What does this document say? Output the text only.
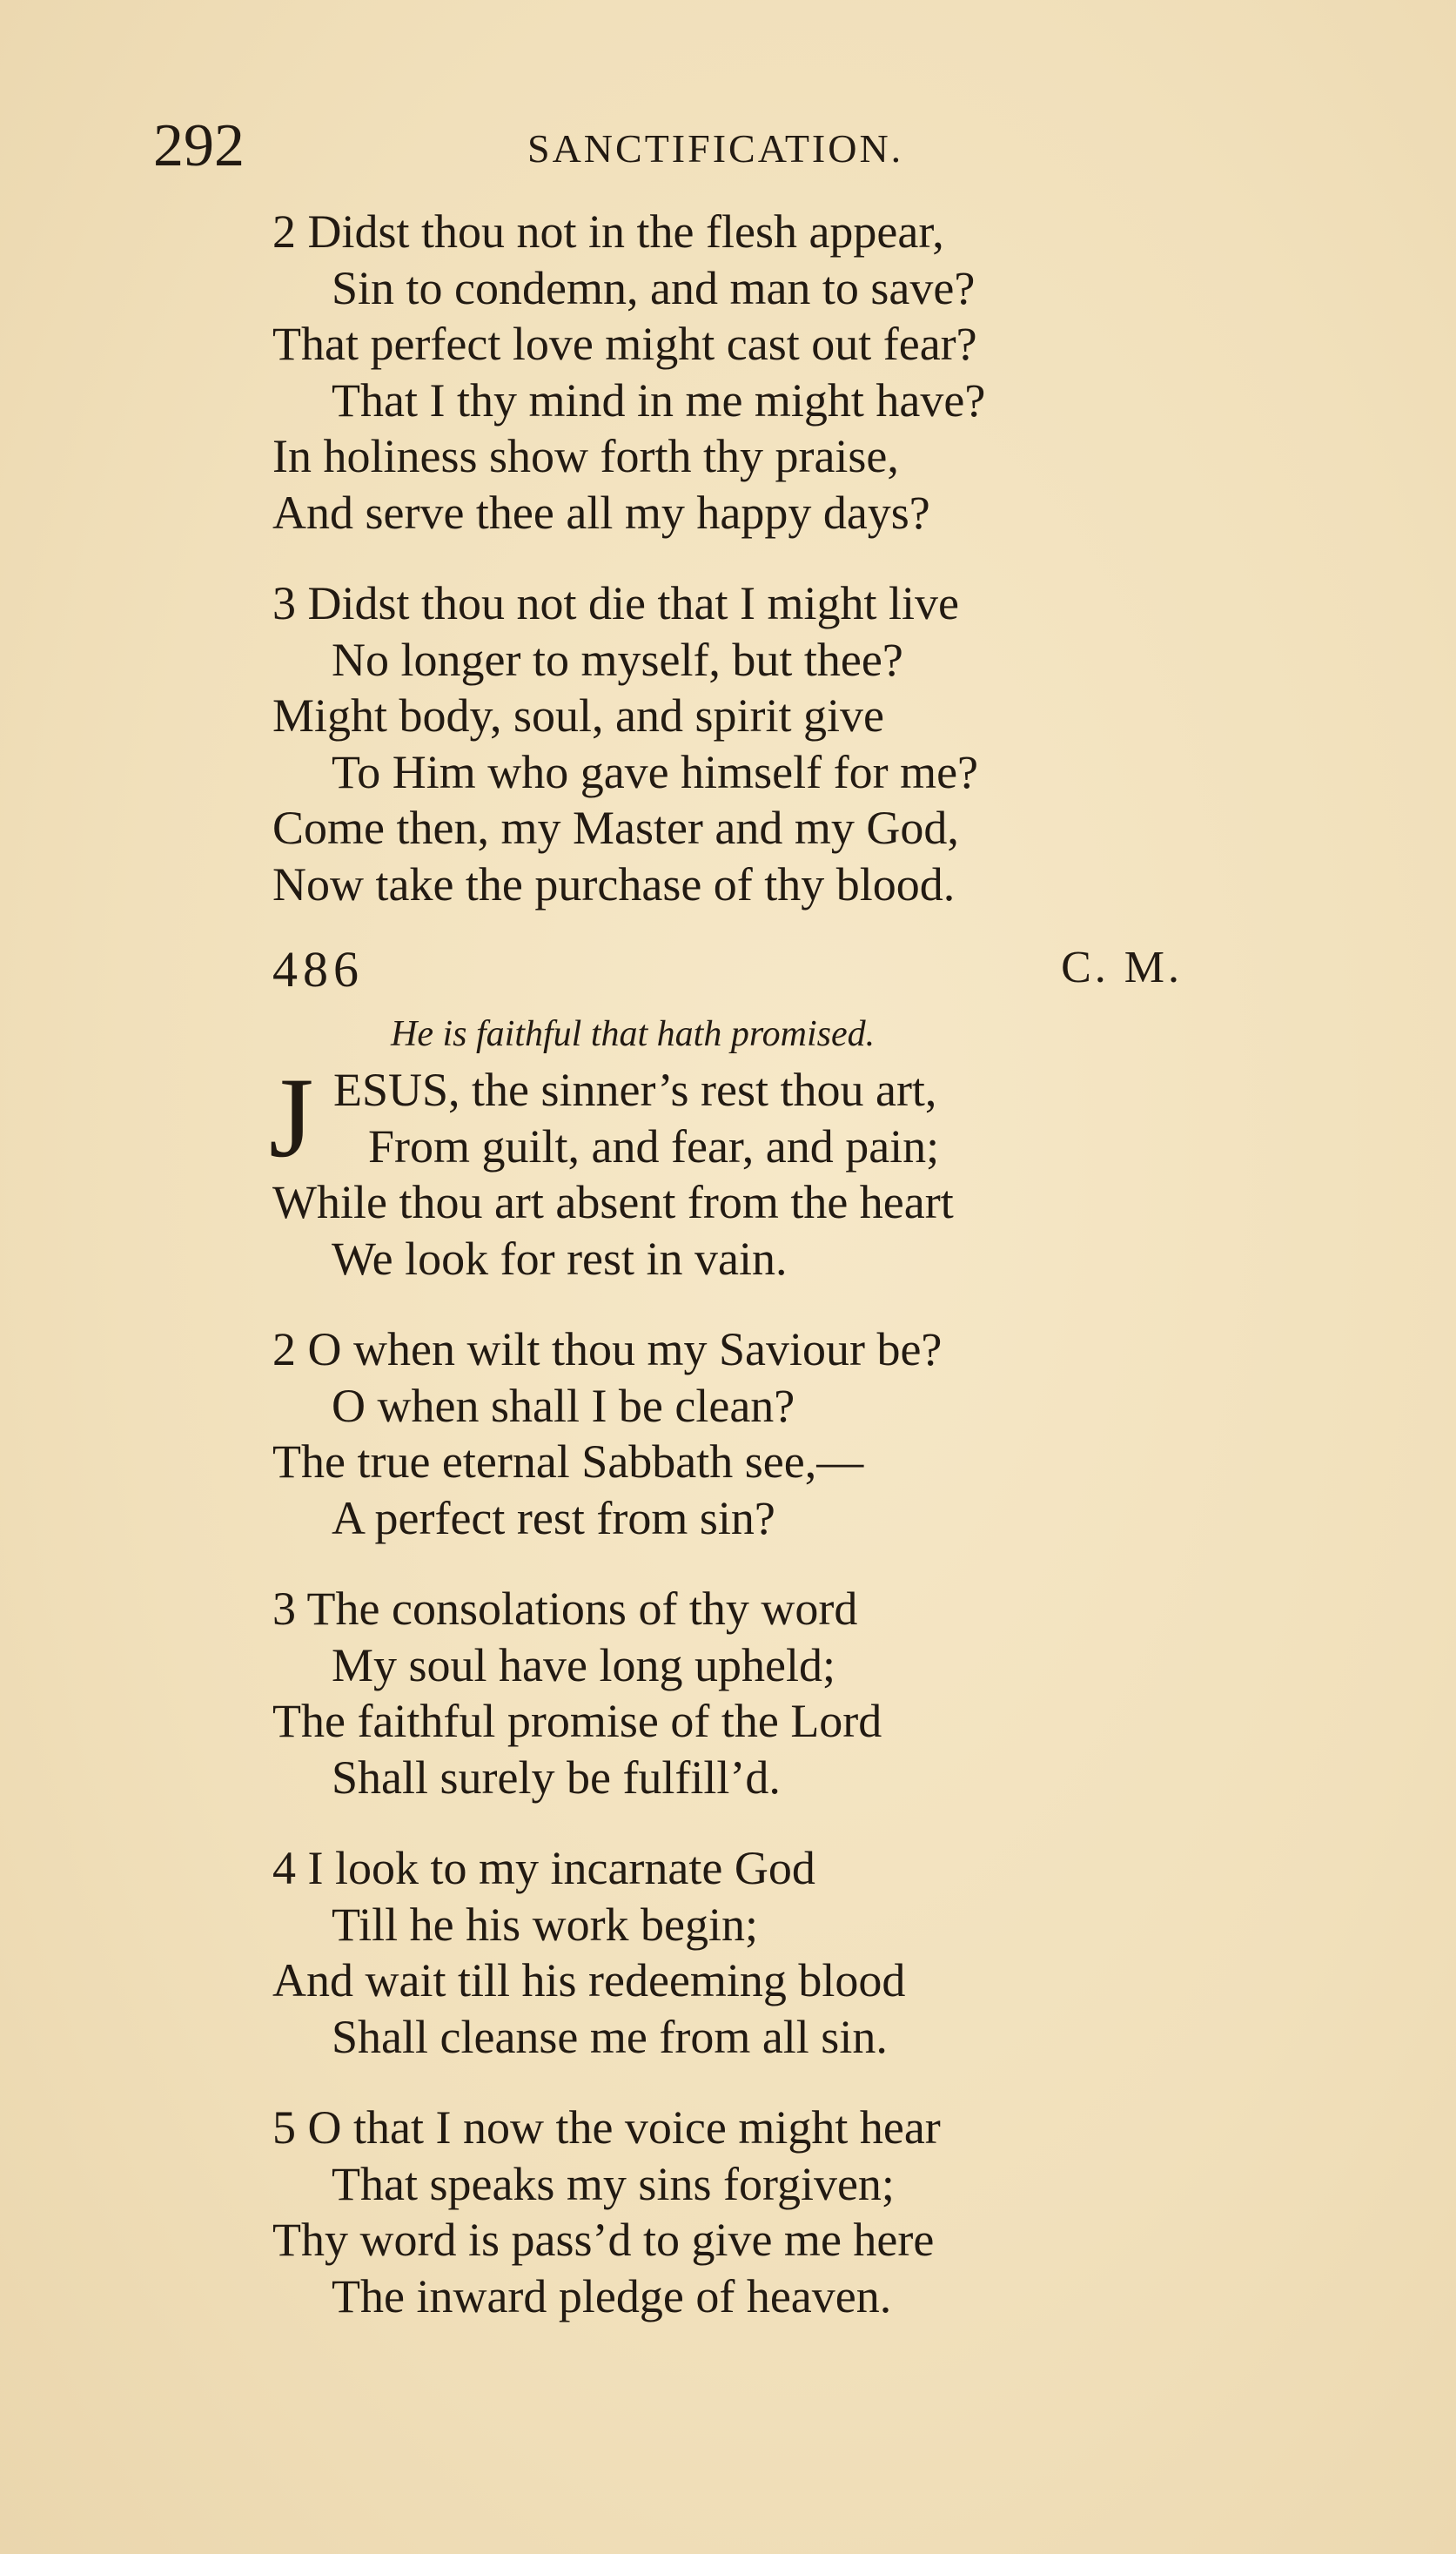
292	SANCTIFICATION.
2 Didst thou not in the flesh appear,
Sin to condemn, and man to save?
That perfect love might cast out fear?
That I thy mind in me might have?
In holiness show forth thy praise,
And serve thee all my happy days?
3 Didst thou not die that I might live
No longer to myself, but thee?
Might body, soul, and spirit give
To Him who gave himself for me?
Come then, my Master and my God,
Now take the purchase of thy blood.
486	C. M.
He is faithful that hath promised.
J ESUS, the sinner’s rest thou art,
From guilt, and fear, and pain;
While thou art absent from the heart
We look for rest in vain.
2 O when wilt thou my Saviour be?
O when shall I be clean?
The true eternal Sabbath see,—
A perfect rest from sin?
3 The consolations of thy word
My soul have long upheld;
The faithful promise of the Lord
Shall surely be fulfill’d.
4 I look to my incarnate God
Till he his work begin;
And wait till his redeeming blood
Shall cleanse me from all sin.
5 O that I now the voice might hear
That speaks my sins forgiven;
Thy word is pass’d to give me here
The inward pledge of heaven.
